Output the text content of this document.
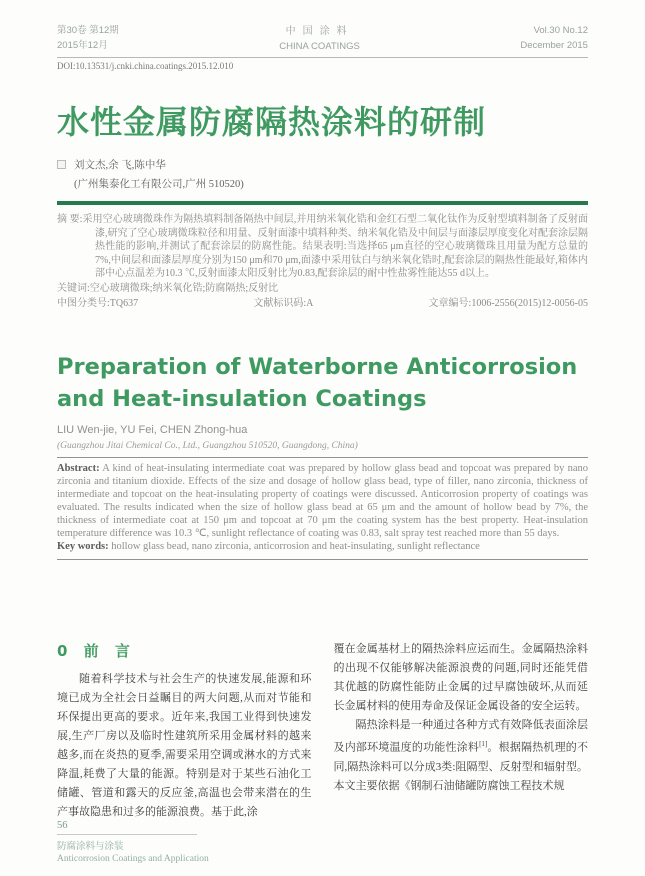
第30卷 第12期
2015年12月
中国涂料
CHINA COATINGS
Vol.30 No.12
December 2015
DOI:10.13531/j.cnki.china.coatings.2015.12.010
水性金属防腐隔热涂料的研制
刘文杰,余 飞,陈中华
(广州集泰化工有限公司,广州 510520)

摘 要:采用空心玻璃微珠作为隔热填料制备隔热中间层,并用纳米氧化锆和金红石型二氧化钛作为反射型填料制备了反射面漆,研究了空心玻璃微珠粒径和用量、反射面漆中填料种类、纳米氧化锆及中间层与面漆层厚度变化对配套涂层隔热性能的影响,并测试了配套涂层的防腐性能。结果表明:当选择65 μm直径的空心玻璃微珠且用量为配方总量的7%,中间层和面漆层厚度分别为150 μm和70 μm,面漆中采用钛白与纳米氧化锆时,配套涂层的隔热性能最好,箱体内部中心点温差为10.3 ℃,反射面漆太阳反射比为0.83,配套涂层的耐中性盐雾性能达55 d以上。

关键词:空心玻璃微珠;纳米氧化锆;防腐隔热;反射比

中图分类号:TQ637	文献标识码:A	文章编号:1006-2556(2015)12-0056-05
Preparation of Waterborne Anticorrosion and Heat-insulation Coatings
LIU Wen-jie, YU Fei, CHEN Zhong-hua
(Guangzhou Jitai Chemical Co., Ltd., Guangzhou 510520, Guangdong, China)

Abstract: A kind of heat-insulating intermediate coat was prepared by hollow glass bead and topcoat was prepared by nano zirconia and titanium dioxide. Effects of the size and dosage of hollow glass bead, type of filler, nano zirconia, thickness of intermediate and topcoat on the heat-insulating property of coatings were discussed. Anticorrosion property of coatings was evaluated. The results indicated when the size of hollow glass bead at 65 μm and the amount of hollow bead by 7%, the thickness of intermediate coat at 150 μm and topcoat at 70 μm the coating system has the best property. Heat-insulation temperature difference was 10.3 ℃, sunlight reflectance of coating was 0.83, salt spray test reached more than 55 days.

Key words: hollow glass bead, nano zirconia, anticorrosion and heat-insulating, sunlight reflectance

0 前 言

随着科学技术与社会生产的快速发展,能源和环境已成为全社会日益瞩目的两大问题,从而对节能和环保提出更高的要求。近年来,我国工业得到快速发展,生产厂房以及临时性建筑所采用金属材料的越来越多,而在炎热的夏季,需要采用空调或淋水的方式来降温,耗费了大量的能源。特别是对于某些石油化工储罐、管道和露天的反应釜,高温也会带来潜在的生产事故隐患和过多的能源浪费。基于此,涂

覆在金属基材上的隔热涂料应运而生。金属隔热涂料的出现不仅能够解决能源浪费的问题,同时还能凭借其优越的防腐性能防止金属的过早腐蚀破坏,从而延长金属材料的使用寿命及保证金属设备的安全运转。

隔热涂料是一种通过各种方式有效降低表面涂层及内部环境温度的功能性涂料[1]。根据隔热机理的不同,隔热涂料可以分成3类:阻隔型、反射型和辐射型。本文主要依据《钢制石油储罐防腐蚀工程技术规

56
防腐涂料与涂装
Anticorrosion Coatings and Application
